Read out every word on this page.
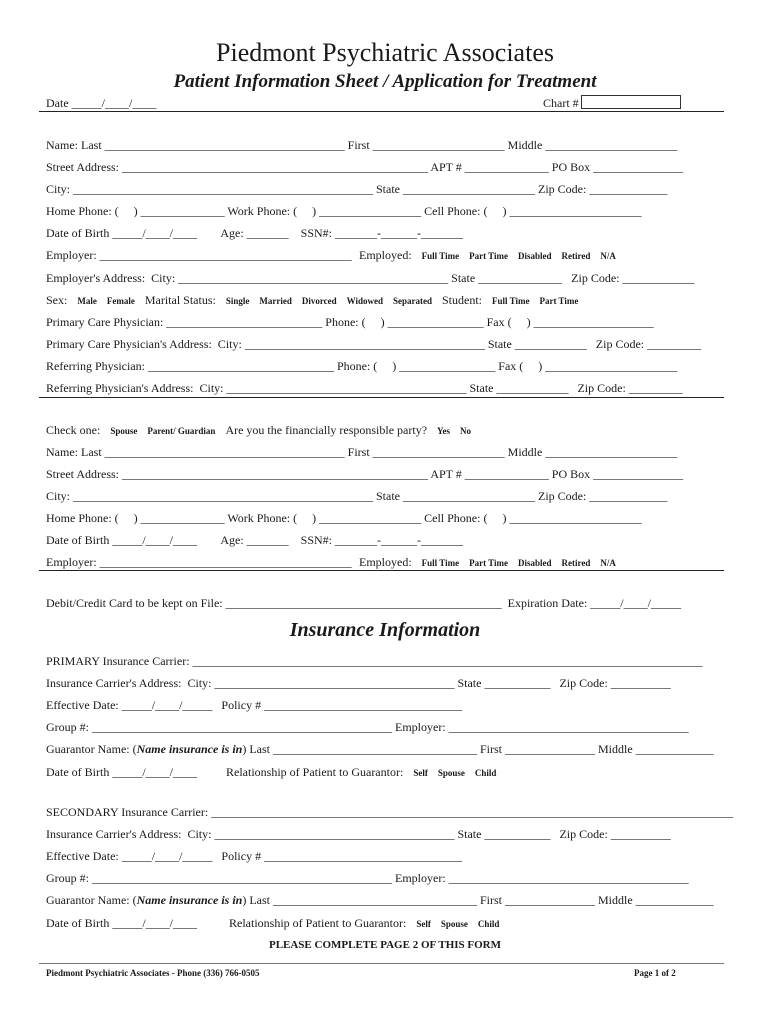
Piedmont Psychiatric Associates
Patient Information Sheet / Application for Treatment
Date _____/____/____	Chart #
Name: Last ________________________________________ First ______________________ Middle ______________________
Street Address: ___________________________________________________ APT # ______________ PO Box _______________
City: __________________________________________________ State ______________________ Zip Code: _____________
Home Phone: (     ) ______________ Work Phone: (     ) _________________ Cell Phone: (     ) ______________________
Date of Birth _____/____/____        Age: _______    SSN#: _______-______-_______
Employer: __________________________________________ Employed: Full Time Part Time Disabled Retired N/A
Employer's Address:  City: _____________________________________________ State ______________   Zip Code: ____________
Sex: Male Female Marital Status: Single Married Divorced Widowed Separated Student: Full Time Part Time
Primary Care Physician: __________________________ Phone: (     ) ________________ Fax (     ) ____________________
Primary Care Physician's Address:  City: ________________________________________ State ____________   Zip Code: _________
Referring Physician: _______________________________ Phone: (     ) ________________ Fax (     ) ______________________
Referring Physician's Address:  City: ________________________________________ State ____________   Zip Code: _________
Check one: Spouse Parent/ Guardian Are you the financially responsible party? Yes No
Name: Last ________________________________________ First ______________________ Middle ______________________
Street Address: ___________________________________________________ APT # ______________ PO Box _______________
City: __________________________________________________ State ______________________ Zip Code: _____________
Home Phone: (     ) ______________ Work Phone: (     ) _________________ Cell Phone: (     ) ______________________
Date of Birth _____/____/____        Age: _______    SSN#: _______-______-_______
Employer: __________________________________________ Employed: Full Time Part Time Disabled Retired N/A
Debit/Credit Card to be kept on File: ______________________________________________  Expiration Date: _____/____/_____
Insurance Information
PRIMARY Insurance Carrier: _____________________________________________________________________________________
Insurance Carrier's Address:  City: ________________________________________ State ___________   Zip Code: __________
Effective Date: _____/____/_____   Policy # _________________________________
Group #: __________________________________________________ Employer: ________________________________________
Guarantor Name: (Name insurance is in) Last __________________________________ First _______________ Middle _____________
Date of Birth _____/____/____ Relationship of Patient to Guarantor: Self Spouse Child
SECONDARY Insurance Carrier: _______________________________________________________________________________________
Insurance Carrier's Address:  City: ________________________________________ State ___________   Zip Code: __________
Effective Date: _____/____/_____   Policy # _________________________________
Group #: __________________________________________________ Employer: ________________________________________
Guarantor Name: (Name insurance is in) Last __________________________________ First _______________ Middle _____________
Date of Birth _____/____/____	Relationship of Patient to Guarantor: Self Spouse Child
PLEASE COMPLETE PAGE 2 OF THIS FORM
Piedmont Psychiatric Associates - Phone (336) 766-0505	Page 1 of 2
